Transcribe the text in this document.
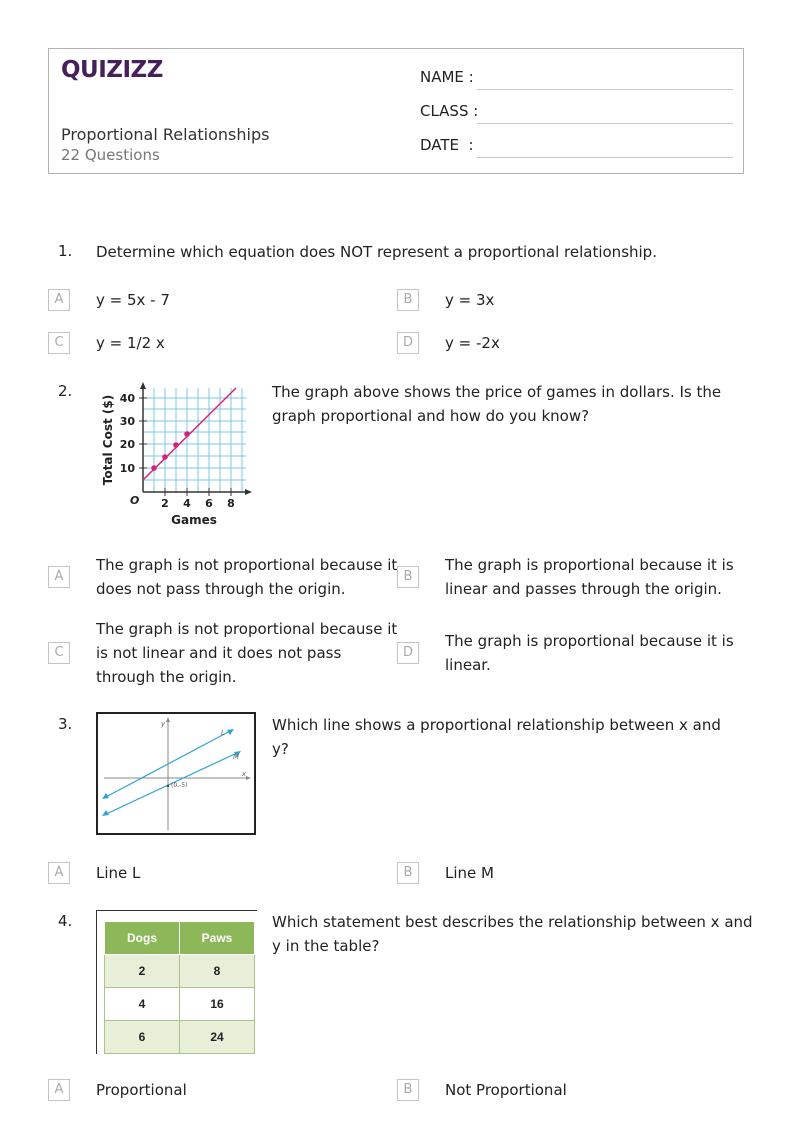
QUIZIZZ
Proportional Relationships
22 Questions
NAME :
CLASS :
DATE  :
1. Determine which equation does NOT represent a proportional relationship.
A	y = 5x - 7	B	y = 3x
C	y = 1/2 x	D	y = -2x
2.	40
30
20
10
2 4 6 8
O
Games
Total Cost ($)
The graph above shows the price of games in dollars. Is the graph proportional and how do you know?
A
The graph is not proportional because it
does not pass through the origin.
B
The graph is proportional because it is
linear and passes through the origin.
C
The graph is not proportional because it
is not linear and it does not pass
through the origin.
D
The graph is proportional because it is
linear.
3.	y
x
L
M
(0,-5)
Which line shows a proportional relationship between x and y?
A	Line L	B	Line M
4.
Dogs	Paws
2	8
4	16
6	24
Which statement best describes the relationship between x and
y in the table?
A	Proportional	B	Not Proportional
